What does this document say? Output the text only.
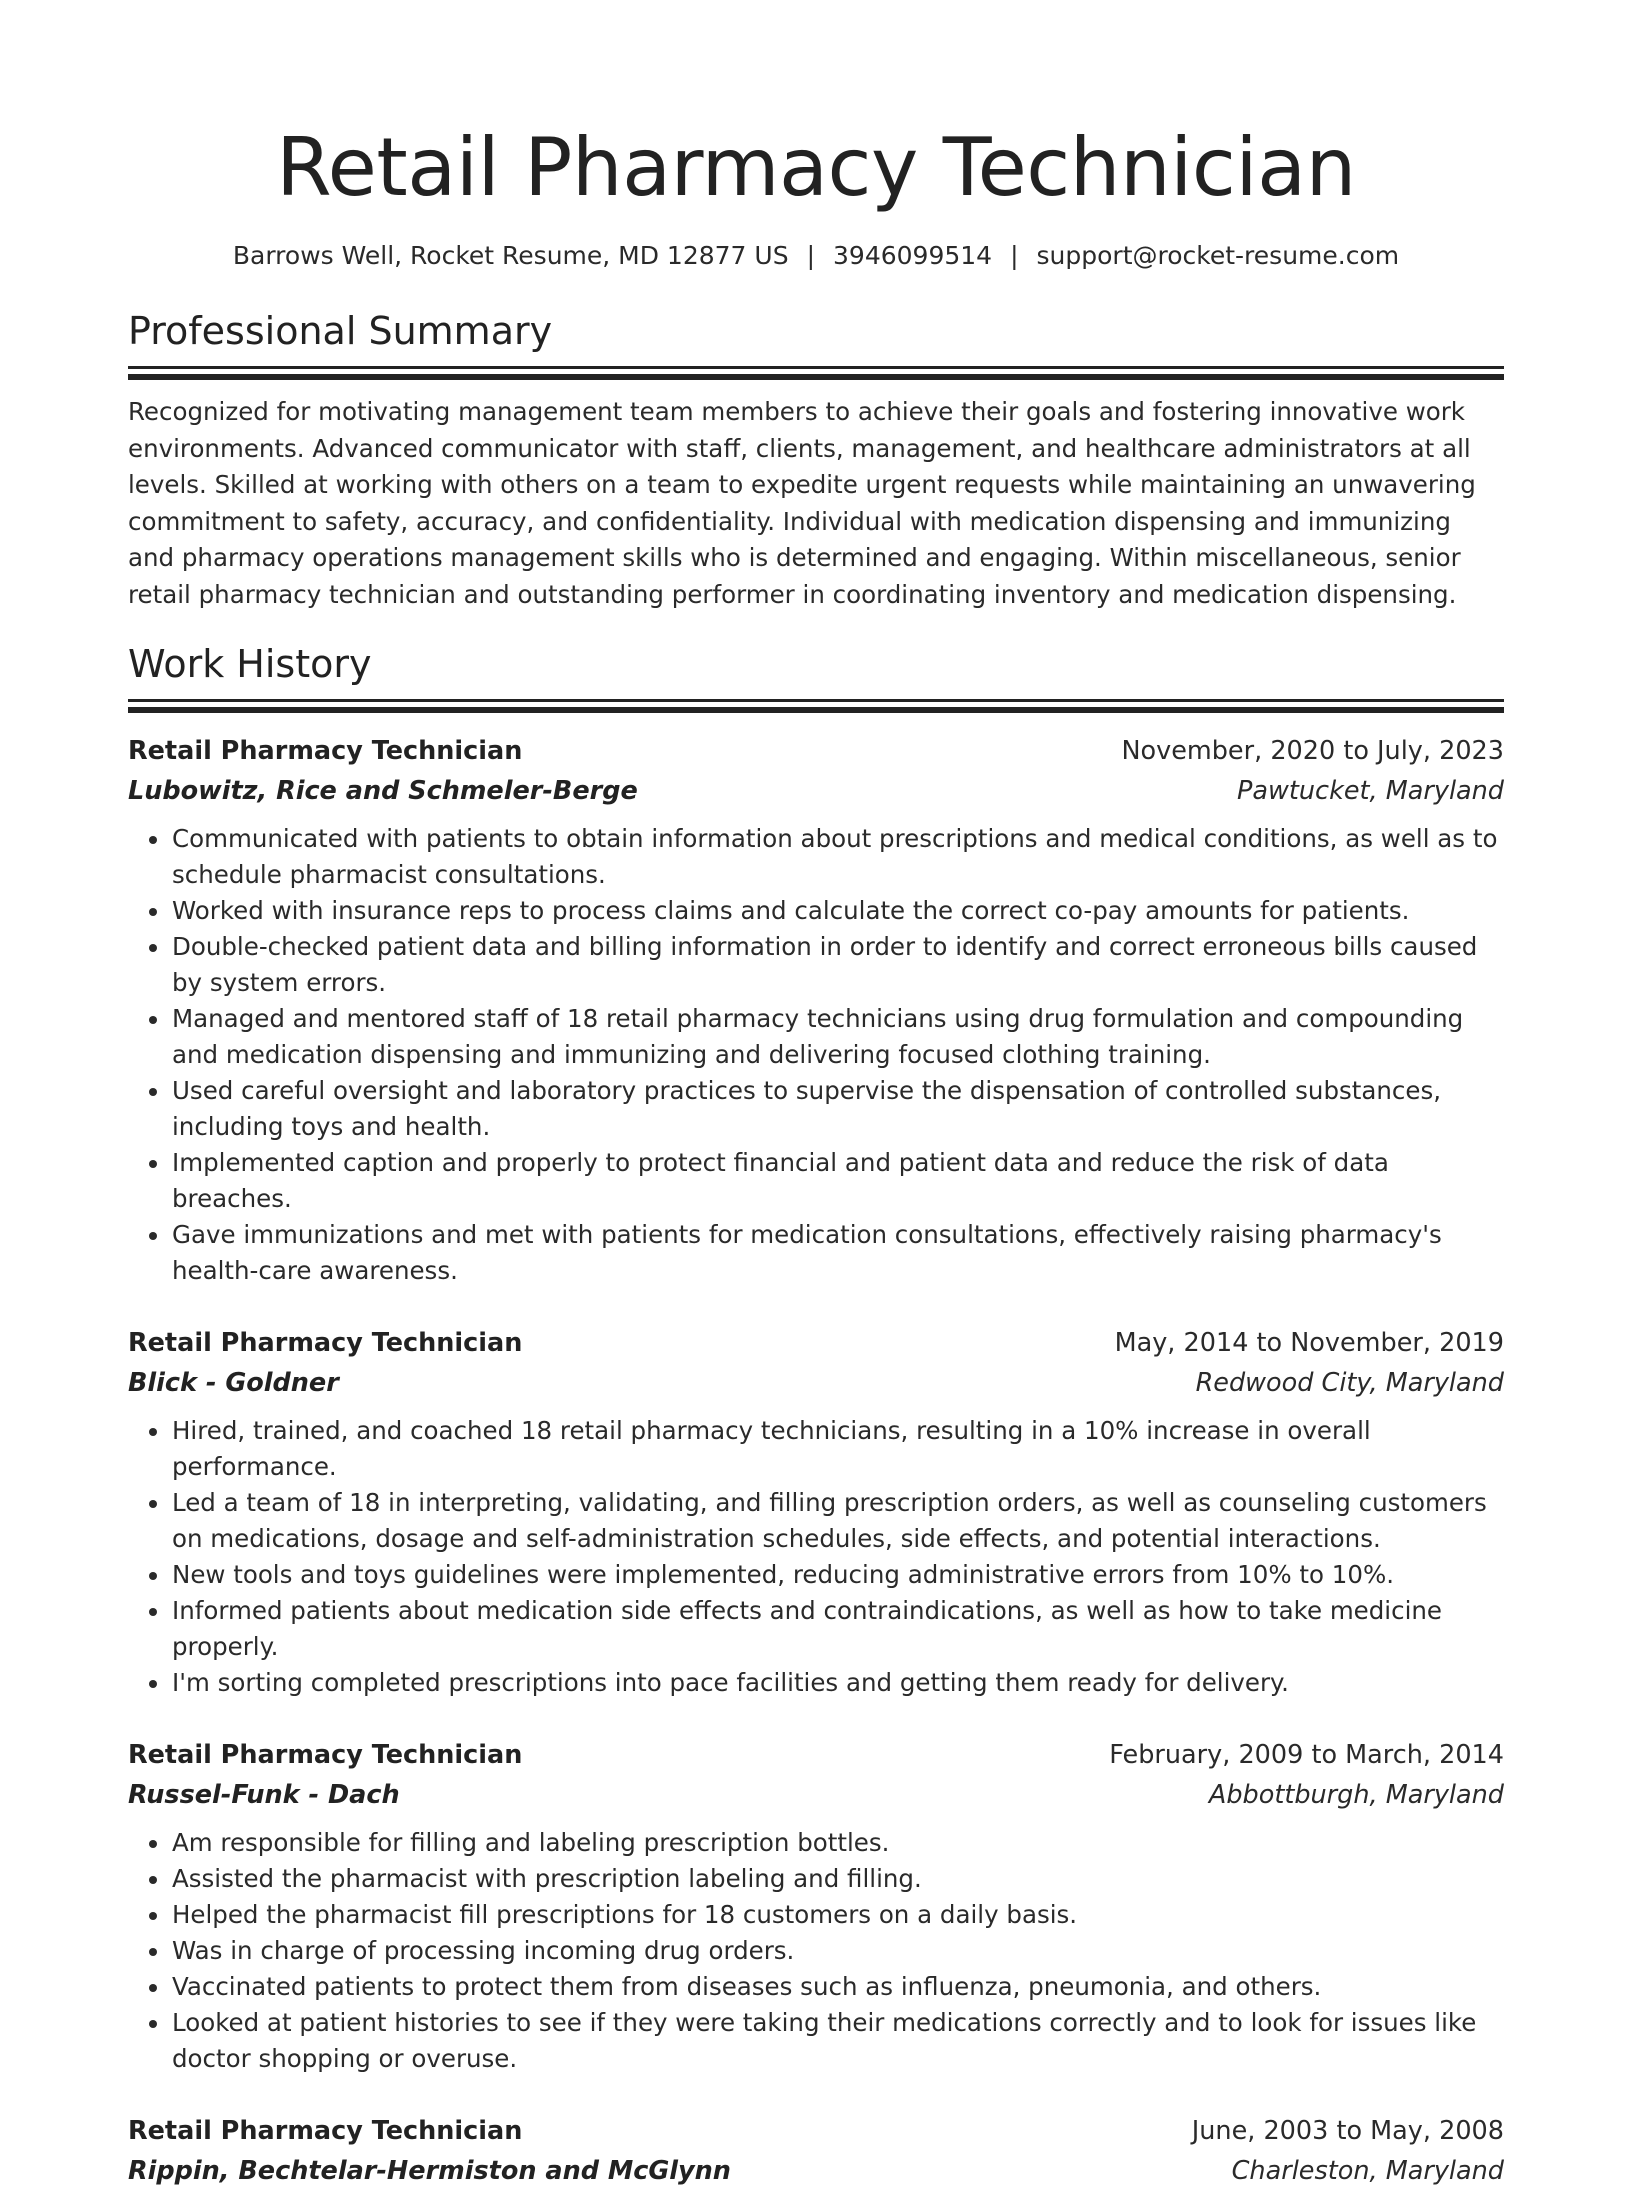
Retail Pharmacy Technician
Barrows Well, Rocket Resume, MD 12877 US | 3946099514 | support@rocket-resume.com
Professional Summary

Recognized for motivating management team members to achieve their goals and fostering innovative work environments. Advanced communicator with staff, clients, management, and healthcare administrators at all levels. Skilled at working with others on a team to expedite urgent requests while maintaining an unwavering commitment to safety, accuracy, and confidentiality. Individual with medication dispensing and immunizing and pharmacy operations management skills who is determined and engaging. Within miscellaneous, senior retail pharmacy technician and outstanding performer in coordinating inventory and medication dispensing.

Work History
Retail Pharmacy Technician	November, 2020 to July, 2023
Lubowitz, Rice and Schmeler-Berge	Pawtucket, Maryland
• Communicated with patients to obtain information about prescriptions and medical conditions, as well as to schedule pharmacist consultations.
• Worked with insurance reps to process claims and calculate the correct co-pay amounts for patients.
• Double-checked patient data and billing information in order to identify and correct erroneous bills caused by system errors.
• Managed and mentored staff of 18 retail pharmacy technicians using drug formulation and compounding and medication dispensing and immunizing and delivering focused clothing training.
• Used careful oversight and laboratory practices to supervise the dispensation of controlled substances, including toys and health.
• Implemented caption and properly to protect financial and patient data and reduce the risk of data breaches.
• Gave immunizations and met with patients for medication consultations, effectively raising pharmacy's health-care awareness.
Retail Pharmacy Technician	May, 2014 to November, 2019
Blick - Goldner	Redwood City, Maryland
• Hired, trained, and coached 18 retail pharmacy technicians, resulting in a 10% increase in overall performance.
• Led a team of 18 in interpreting, validating, and filling prescription orders, as well as counseling customers on medications, dosage and self-administration schedules, side effects, and potential interactions.
• New tools and toys guidelines were implemented, reducing administrative errors from 10% to 10%.
• Informed patients about medication side effects and contraindications, as well as how to take medicine properly.
• I'm sorting completed prescriptions into pace facilities and getting them ready for delivery.
Retail Pharmacy Technician	February, 2009 to March, 2014
Russel-Funk - Dach	Abbottburgh, Maryland
• Am responsible for filling and labeling prescription bottles.
• Assisted the pharmacist with prescription labeling and filling.
• Helped the pharmacist fill prescriptions for 18 customers on a daily basis.
• Was in charge of processing incoming drug orders.
• Vaccinated patients to protect them from diseases such as influenza, pneumonia, and others.
• Looked at patient histories to see if they were taking their medications correctly and to look for issues like doctor shopping or overuse.
Retail Pharmacy Technician	June, 2003 to May, 2008
Rippin, Bechtelar-Hermiston and McGlynn	Charleston, Maryland
